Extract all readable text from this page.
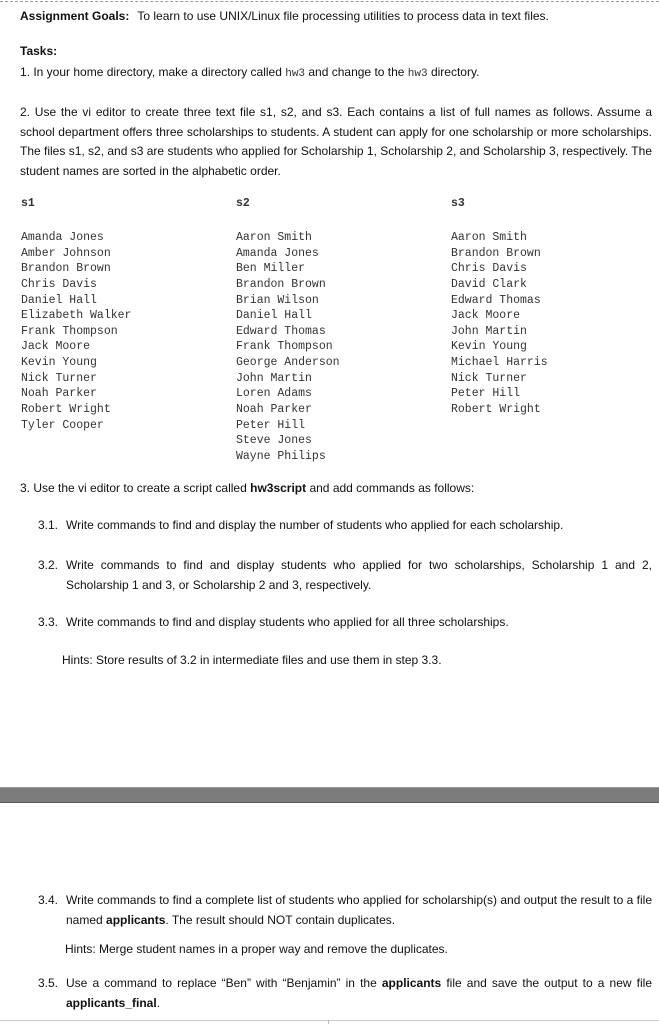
Assignment Goals: To learn to use UNIX/Linux file processing utilities to process data in text files.
Tasks:
1. In your home directory, make a directory called hw3 and change to the hw3 directory.
2. Use the vi editor to create three text file s1, s2, and s3. Each contains a list of full names as follows. Assume a school department offers three scholarships to students. A student can apply for one scholarship or more scholarships. The files s1, s2, and s3 are students who applied for Scholarship 1, Scholarship 2, and Scholarship 3, respectively. The student names are sorted in the alphabetic order.
s1
Amanda Jones
Amber Johnson
Brandon Brown
Chris Davis
Daniel Hall
Elizabeth Walker
Frank Thompson
Jack Moore
Kevin Young
Nick Turner
Noah Parker
Robert Wright
Tyler Cooper
s2
Aaron Smith
Amanda Jones
Ben Miller
Brandon Brown
Brian Wilson
Daniel Hall
Edward Thomas
Frank Thompson
George Anderson
John Martin
Loren Adams
Noah Parker
Peter Hill
Steve Jones
Wayne Philips
s3
Aaron Smith
Brandon Brown
Chris Davis
David Clark
Edward Thomas
Jack Moore
John Martin
Kevin Young
Michael Harris
Nick Turner
Peter Hill
Robert Wright
3. Use the vi editor to create a script called hw3script and add commands as follows:
3.1. Write commands to find and display the number of students who applied for each scholarship.
3.2. Write commands to find and display students who applied for two scholarships, Scholarship 1 and 2, Scholarship 1 and 3, or Scholarship 2 and 3, respectively.
3.3. Write commands to find and display students who applied for all three scholarships.
Hints: Store results of 3.2 in intermediate files and use them in step 3.3.
3.4. Write commands to find a complete list of students who applied for scholarship(s) and output the result to a file named applicants. The result should NOT contain duplicates.
Hints: Merge student names in a proper way and remove the duplicates.
3.5. Use a command to replace “Ben” with “Benjamin” in the applicants file and save the output to a new file applicants_final.
